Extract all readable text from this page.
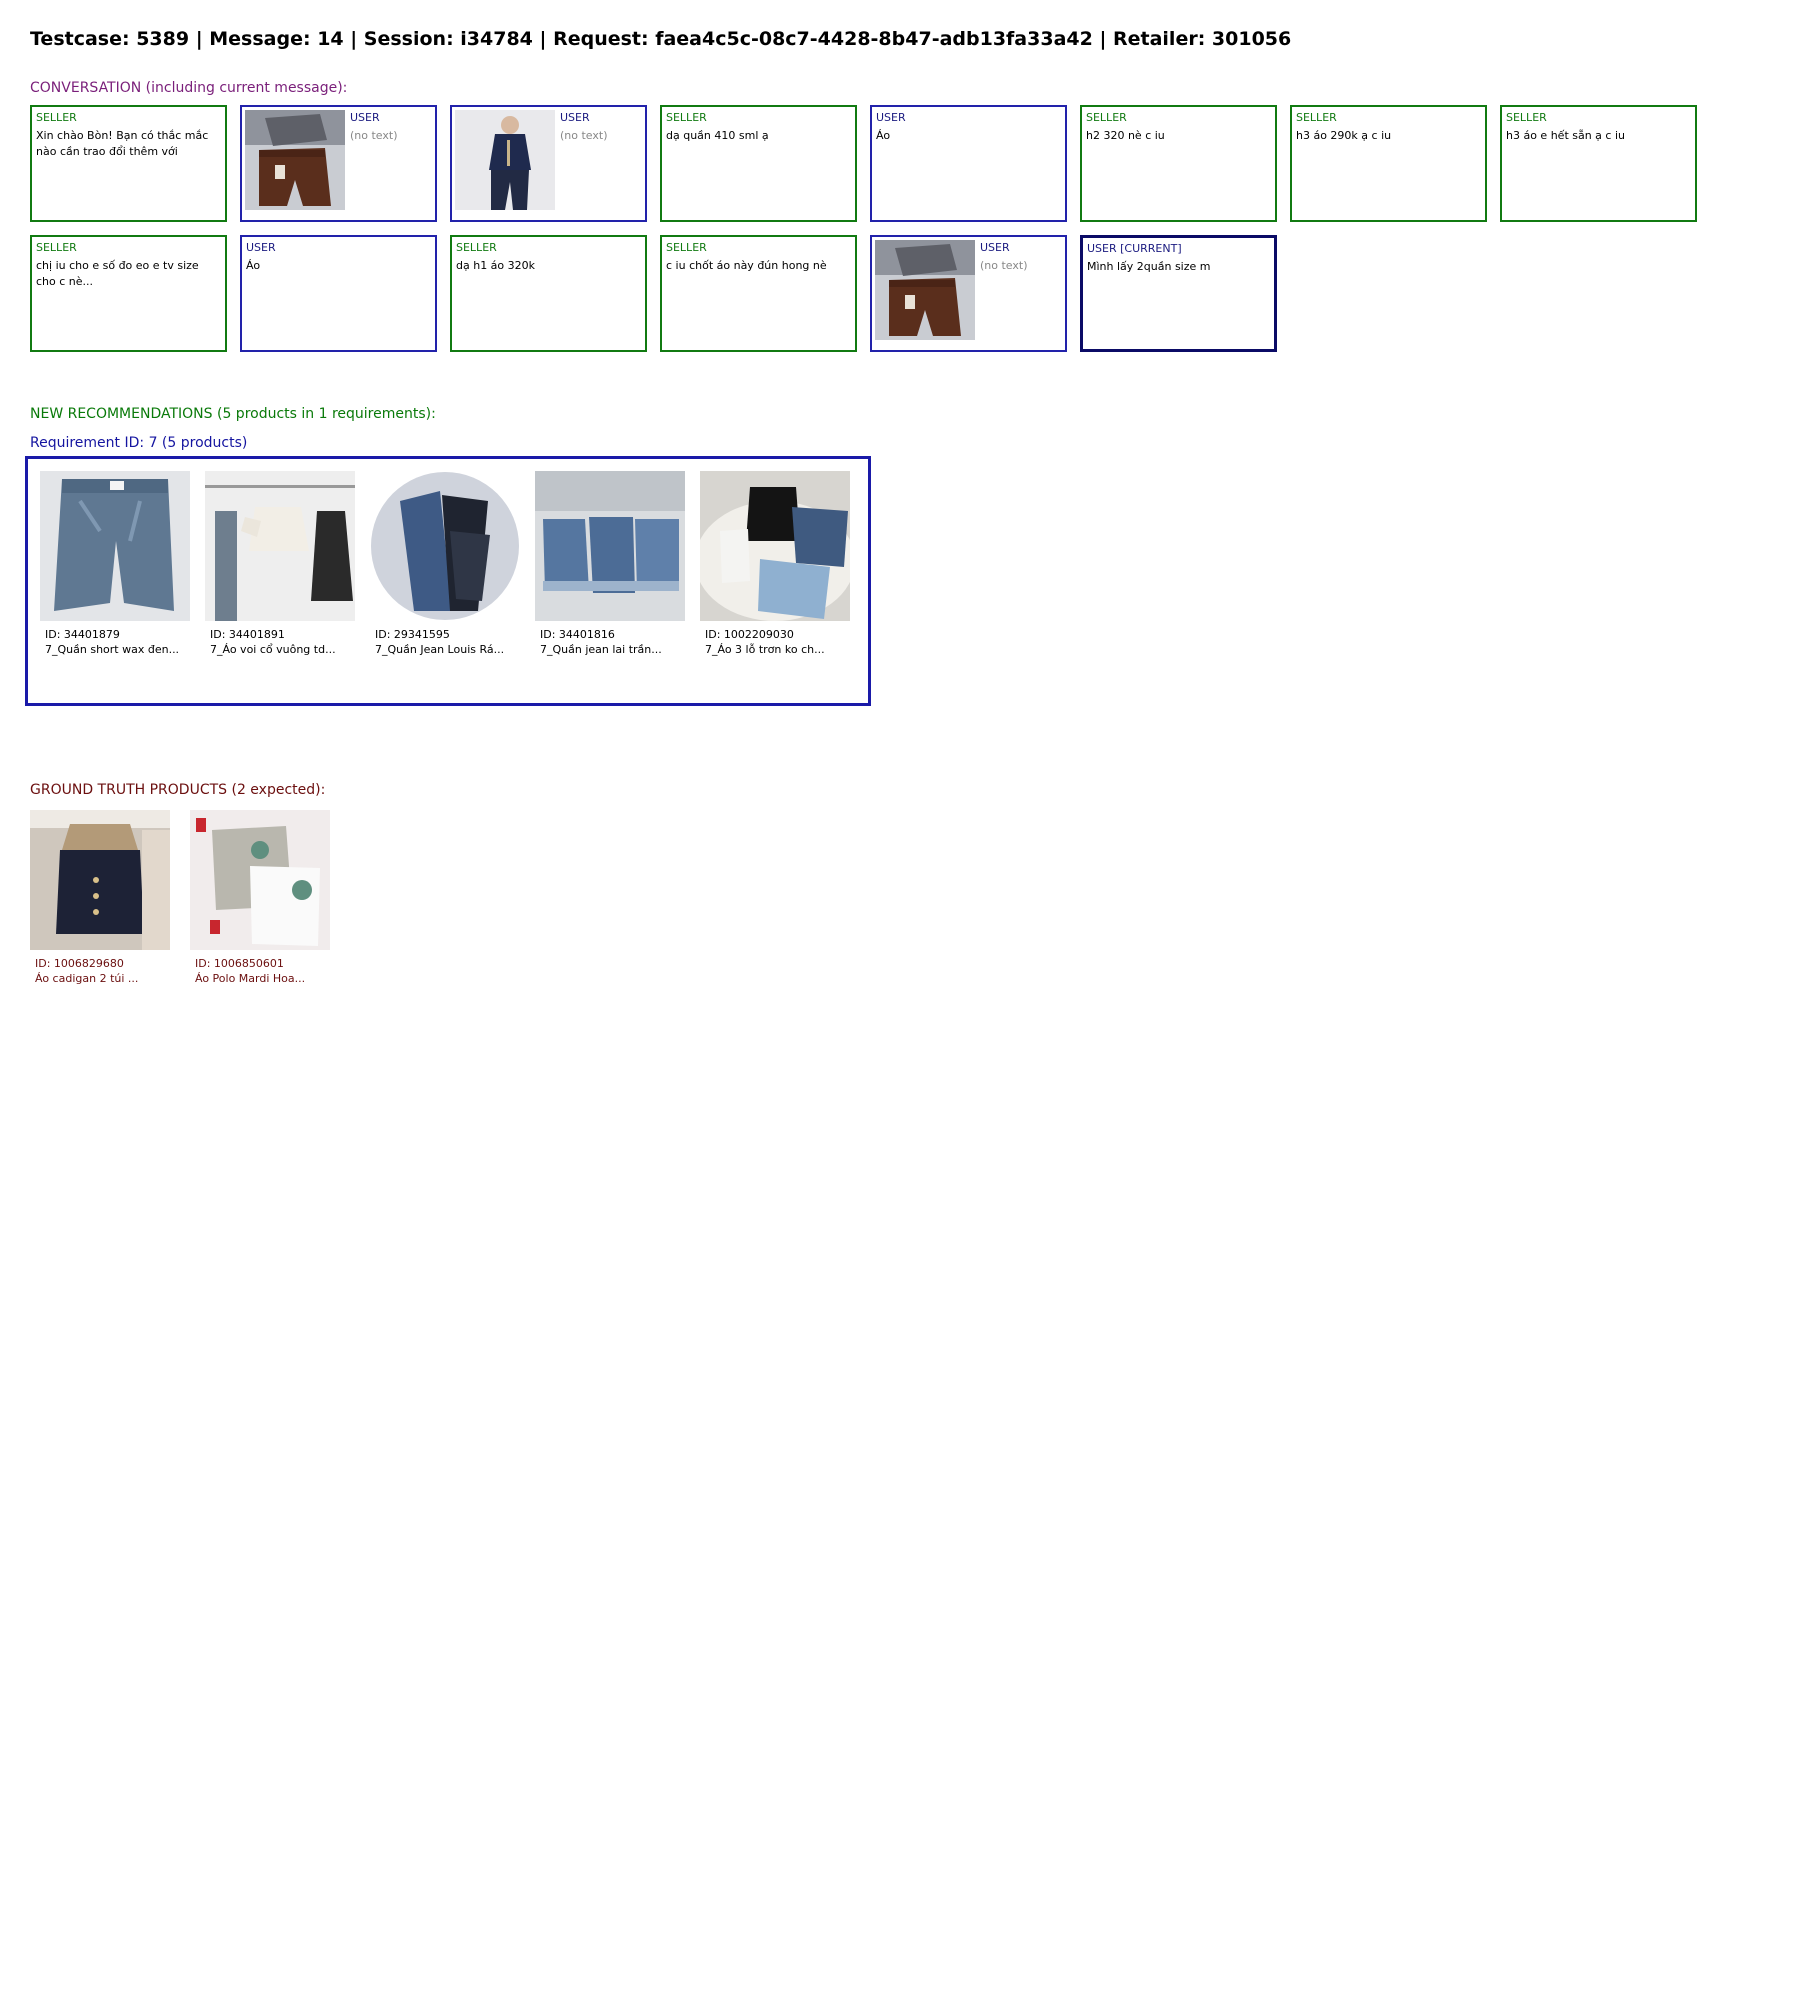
Testcase: 5389 | Message: 14 | Session: i34784 | Request: faea4c5c-08c7-4428-8b47-adb13fa33a42 | Retailer: 301056
CONVERSATION (including current message):
SELLER
Xin chào Bòn! Bạn có thắc mắc nào cần trao đổi thêm với
USER
(no text)
USER
(no text)
SELLER
dạ quần 410 sml ạ
USER
Áo
SELLER
h2 320 nè c iu
SELLER
h3 áo 290k ạ c iu
SELLER
h3 áo e hết sẵn ạ c iu
SELLER
chị iu cho e số đo eo e tv size cho c nè...
USER
Áo
SELLER
dạ h1 áo 320k
SELLER
c iu chốt áo này đún hong nè
USER
(no text)
USER [CURRENT]
Mình lấy 2quần size m
NEW RECOMMENDATIONS (5 products in 1 requirements):
Requirement ID: 7 (5 products)
ID: 34401879
7_Quần short wax đen...
ID: 34401891
7_Áo voi cổ vuông td...
ID: 29341595
7_Quần Jean Louis Rá...
ID: 34401816
7_Quần jean lai trần...
ID: 1002209030
7_Áo 3 lỗ trơn ko ch...
GROUND TRUTH PRODUCTS (2 expected):
ID: 1006829680
Áo cadigan 2 túi ...
ID: 1006850601
Áo Polo Mardi Hoa...
